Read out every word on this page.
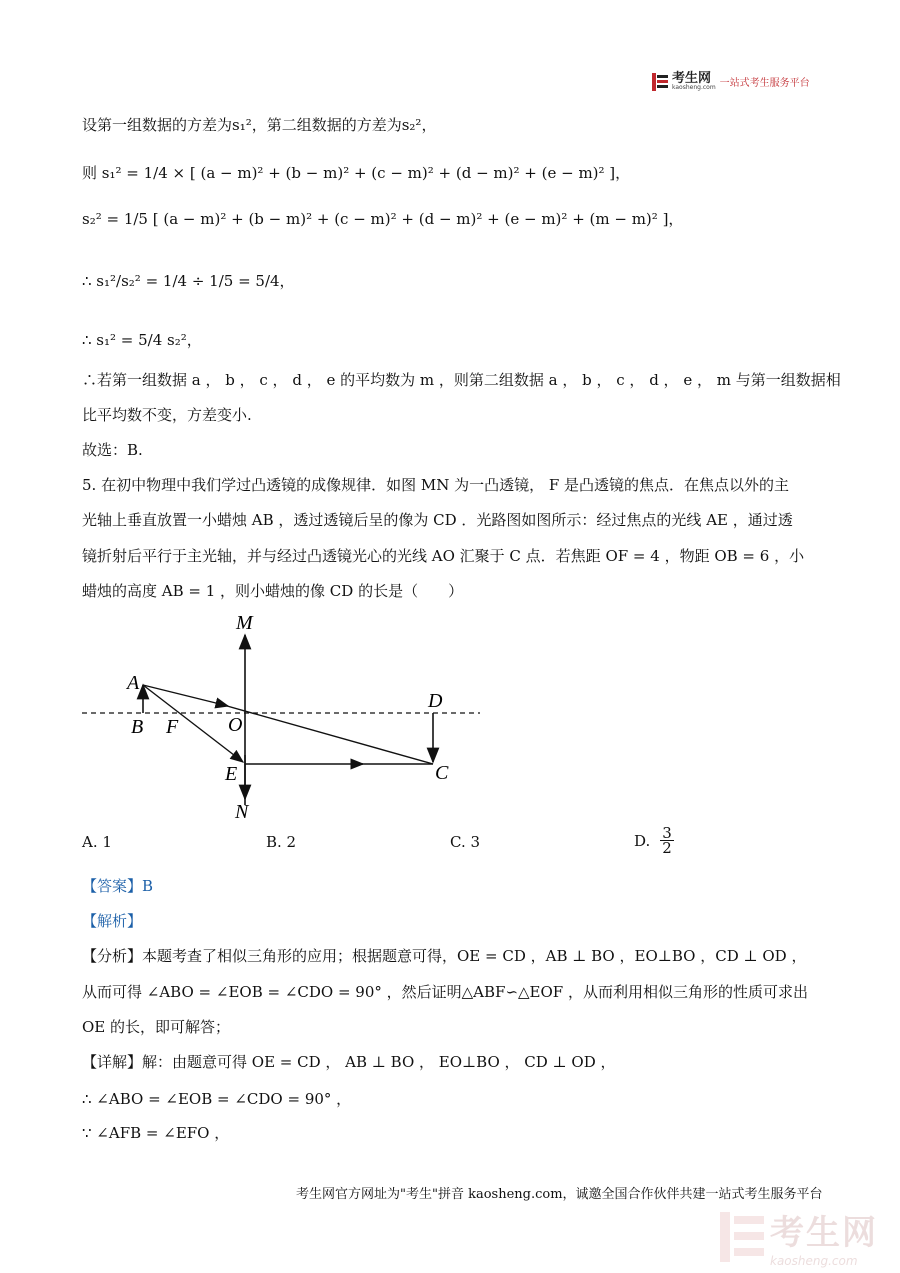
考生网
kaosheng.com 一站式考生服务平台
设第一组数据的方差为s₁²，第二组数据的方差为s₂²，
则 s₁² = 1/4 × [ (a − m)² + (b − m)² + (c − m)² + (d − m)² + (e − m)² ]，
s₂² = 1/5 [ (a − m)² + (b − m)² + (c − m)² + (d − m)² + (e − m)² + (m − m)² ]，
∴ s₁²/s₂² = 1/4 ÷ 1/5 = 5/4，
∴ s₁² = 5/4 s₂²，
∴若第一组数据 a ， b ， c ， d ， e 的平均数为 m ，则第二组数据 a ， b ， c ， d ， e ， m 与第一组数据相
比平均数不变，方差变小.
故选：B.
5. 在初中物理中我们学过凸透镜的成像规律．如图 MN 为一凸透镜， F 是凸透镜的焦点．在焦点以外的主
光轴上垂直放置一小蜡烛 AB ，透过透镜后呈的像为 CD ．光路图如图所示：经过焦点的光线 AE ，通过透
镜折射后平行于主光轴，并与经过凸透镜光心的光线 AO 汇聚于 C 点．若焦距 OF = 4 ，物距 OB = 6 ，小
蜡烛的高度 AB = 1 ，则小蜡烛的像 CD 的长是（　　）
M
N
A
B F O
E	C
D
A. 1	B. 2	C. 3	D. $\frac{3}{2}$
【答案】B
【解析】
【分析】本题考查了相似三角形的应用；根据题意可得，OE = CD ，AB ⊥ BO ，EO⊥BO ，CD ⊥ OD ，
从而可得 ∠ABO = ∠EOB = ∠CDO = 90° ，然后证明△ABF∽△EOF ，从而利用相似三角形的性质可求出
OE 的长，即可解答；
【详解】解：由题意可得 OE = CD ， AB ⊥ BO ， EO⊥BO ， CD ⊥ OD ，
∴ ∠ABO = ∠EOB = ∠CDO = 90° ，
∵ ∠AFB = ∠EFO ，
考生网官方网址为"考生"拼音 kaosheng.com，诚邀全国合作伙伴共建一站式考生服务平台
考生网
kaosheng.com
